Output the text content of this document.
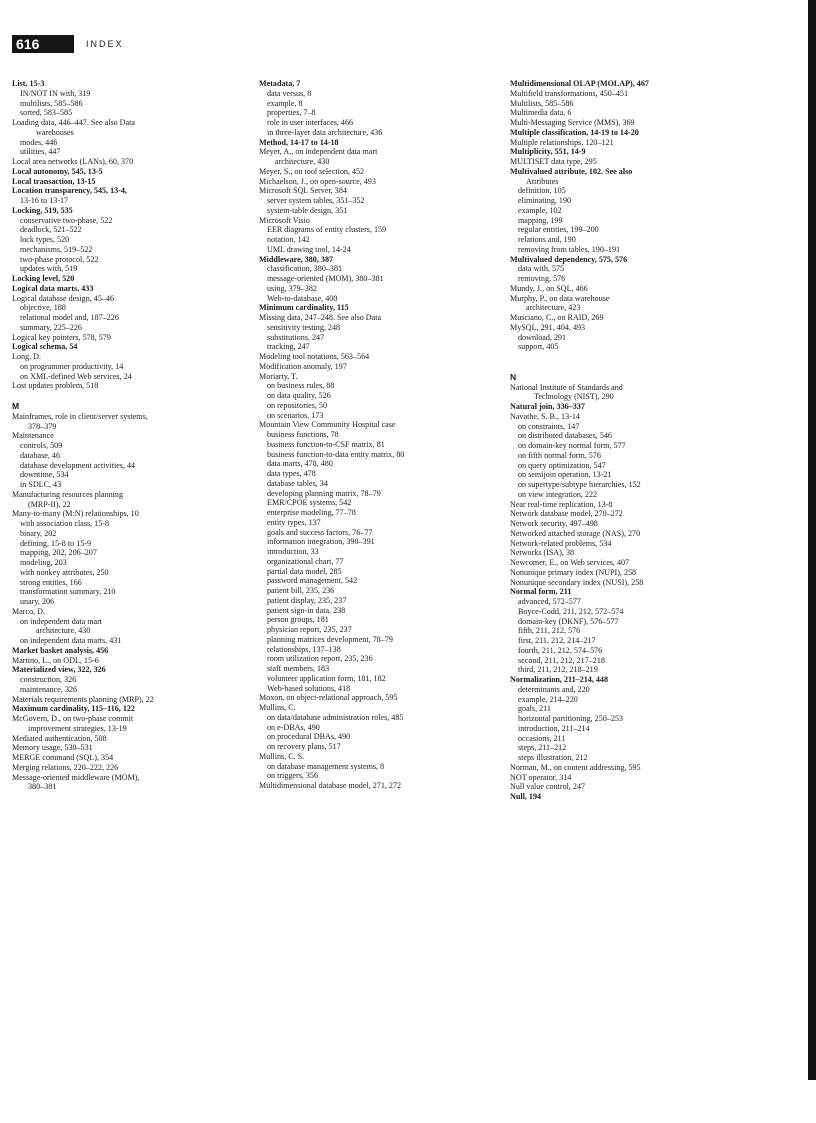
616	INDEX
List, 15-3
IN/NOT IN with, 319
multilists, 585–586
sorted, 583–585
Loading data, 446–447. See also Data
warehouses
modes, 446
utilities, 447
Local area networks (LANs), 60, 370
Local autonomy, 545, 13-5
Local transaction, 13-15
Location transparency, 545, 13-4,
13-16 to 13-17
Locking, 519, 535
conservative two-phase, 522
deadlock, 521–522
lock types, 520
mechanisms, 519–522
two-phase protocol, 522
updates with, 519
Locking level, 520
Logical data marts, 433
Logical database design, 45–46
objective, 188
relational model and, 187–226
summary, 225–226
Logical key pointers, 578, 579
Logical schema, 54
Long, D.
on programmer productivity, 14
on XML-defined Web services, 24
Lost updates problem, 518
M
Mainframes, role in client/server systems,
378–379
Maintenance
controls, 509
database, 46
database development activities, 44
downtime, 534
in SDLC, 43
Manufacturing resources planning
(MRP-II), 22
Many-to-many (M:N) relationships, 10
with association class, 15-8
binary, 202
defining, 15-8 to 15-9
mapping, 202, 206–207
modeling, 203
with nonkey attributes, 250
strong entities, 166
transformation summary, 210
unary, 206
Marco, D.
on independent data mart
architecture, 430
on independent data marts, 431
Market basket analysis, 456
Martino, L., on ODL, 15-6
Materialized view, 322, 326
construction, 326
maintenance, 326
Materials requirements planning (MRP), 22
Maximum cardinality, 115–116, 122
McGovern, D., on two-phase commit
improvement strategies, 13-19
Mediated authentication, 508
Memory usage, 530–531
MERGE command (SQL), 354
Merging relations, 220–222, 226
Message-oriented middleware (MOM),
380–381
Metadata, 7
data versus, 8
example, 8
properties, 7–8
role in user interfaces, 466
in three-layer data architecture, 436
Method, 14-17 to 14-18
Meyer, A., on independent data mart
architecture, 430
Meyer, S., on tool selection, 452
Michaelson, J., on open-source, 493
Microsoft SQL Server, 384
server system tables, 351–352
system-table design, 351
Microsoft Visio
EER diagrams of entity clusters, 159
notation, 142
UML drawing tool, 14-24
Middleware, 380, 387
classification, 380–381
message-oriented (MOM), 380–381
using, 379–382
Web-to-database, 400
Minimum cardinality, 115
Missing data, 247–248. See also Data
sensitivity testing, 248
substitutions, 247
tracking, 247
Modeling tool notations, 563–564
Modification anomaly, 197
Moriarty, T.
on business rules, 88
on data quality, 526
on repositories, 50
on scenarios, 173
Mountain View Community Hospital case
business functions, 78
business function-to-CSF matrix, 81
business function-to-data entity matrix, 80
data marts, 478, 480
data types, 478
database tables, 34
developing planning matrix, 78–79
EMR/CPOE systems, 542
enterprise modeling, 77–78
entity types, 137
goals and success factors, 76–77
information integration, 390–391
introduction, 33
organizational chart, 77
partial data model, 285
password management, 542
patient bill, 235, 236
patient display, 235, 237
patient sign-in data, 238
person groups, 181
physician report, 235, 237
planning matrices development, 78–79
relationships, 137–138
room utilization report, 235, 236
staff members, 183
volunteer application form, 181, 182
Web-based solutions, 418
Moxon, on object-relational approach, 595
Mullins, C.
on data/database administration roles, 485
on e-DBAs, 490
on procedural DBAs, 490
on recovery plans, 517
Mullins, C. S.
on database management systems, 8
on triggers, 356
Multidimensional database model, 271, 272
Multidimensional OLAP (MOLAP), 467
Multifield transformations, 450–451
Multilists, 585–586
Multimedia data, 6
Multi-Messaging Service (MMS), 369
Multiple classification, 14-19 to 14-20
Multiple relationships, 120–121
Multiplicity, 551, 14-9
MULTISET data type, 295
Multivalued attribute, 102. See also
Attributes
definition, 105
eliminating, 190
example, 102
mapping, 199
regular entities, 199–200
relations and, 190
removing from tables, 190–191
Multivalued dependency, 575, 576
data with, 575
removing, 576
Mundy, J., on SQL, 466
Murphy, P., on data warehouse
architecture, 423
Musciano, C., on RAID, 269
MySQL, 291, 404, 493
download, 291
support, 405
N
National Institute of Standards and
Technology (NIST), 290
Natural join, 336–337
Navathe, S. B., 13-14
on constraints, 147
on distributed databases, 546
on domain-key normal form, 577
on fifth normal form, 576
on query optimization, 547
on semijoin operation, 13-21
on supertype/subtype hierarchies, 152
on view integration, 222
Near real-time replication, 13-8
Network database model, 270–272
Network security, 497–498
Networked attached storage (NAS), 270
Network-related problems, 534
Networks (ISA), 38
Newcomer, E., on Web services, 407
Nonunique primary index (NUPI), 258
Nonunique secondary index (NUSI), 258
Normal form, 211
advanced, 572–577
Boyce-Codd, 211, 212, 572–574
domain-key (DKNF), 576–577
fifth, 211, 212, 576
first, 211, 212, 214–217
fourth, 211, 212, 574–576
second, 211, 212, 217–218
third, 211, 212, 218–219
Normalization, 211–214, 448
determinants and, 220
example, 214–220
goals, 211
horizontal partitioning, 250–253
introduction, 211–214
occasions, 211
steps, 211–212
steps illustration, 212
Norman, M., on content addressing, 595
NOT operator, 314
Null value control, 247
Null, 194
